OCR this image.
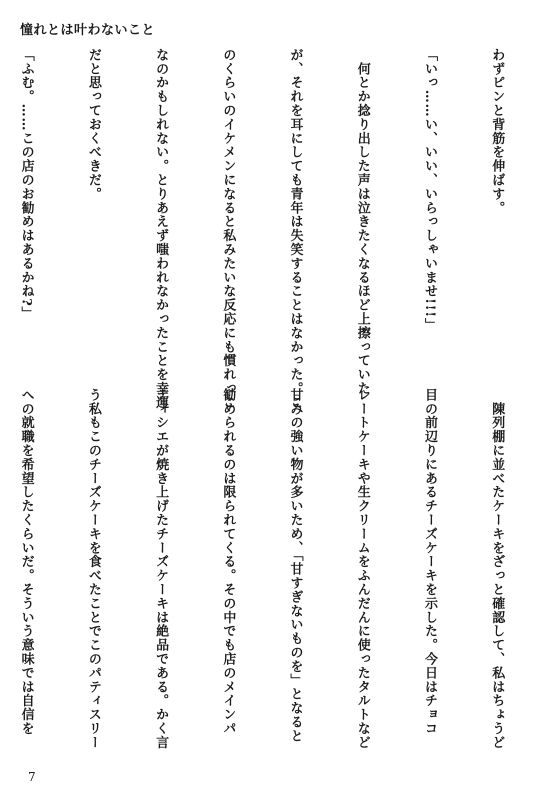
憧れとは叶わないこと

わずピンと背筋を伸ばす。

「いっ……い、いい、いらっしゃいませ!!!」

　何とか捻り出した声は泣きたくなるほど上擦っていた

が、それを耳にしても青年は失笑することはなかった。こ

のくらいのイケメンになると私みたいな反応にも慣れっこ

なのかもしれない。とりあえず嗤われなかったことを幸運

だと思っておくべきだ。

「ふむ。……この店のお勧めはあるかね?」

　陳列棚に並べたケーキをざっと確認して、私はちょうど

目の前辺りにあるチーズケーキを示した。今日はチョコ

レートケーキや生クリームをふんだんに使ったタルトなど

甘みの強い物が多いため、「甘すぎないものを」となると

勧められるのは限られてくる。その中でも店のメインパ

ティシエが焼き上げたチーズケーキは絶品である。かく言

う私もこのチーズケーキを食べたことでこのパティスリー

への就職を希望したくらいだ。そういう意味では自信を

7
